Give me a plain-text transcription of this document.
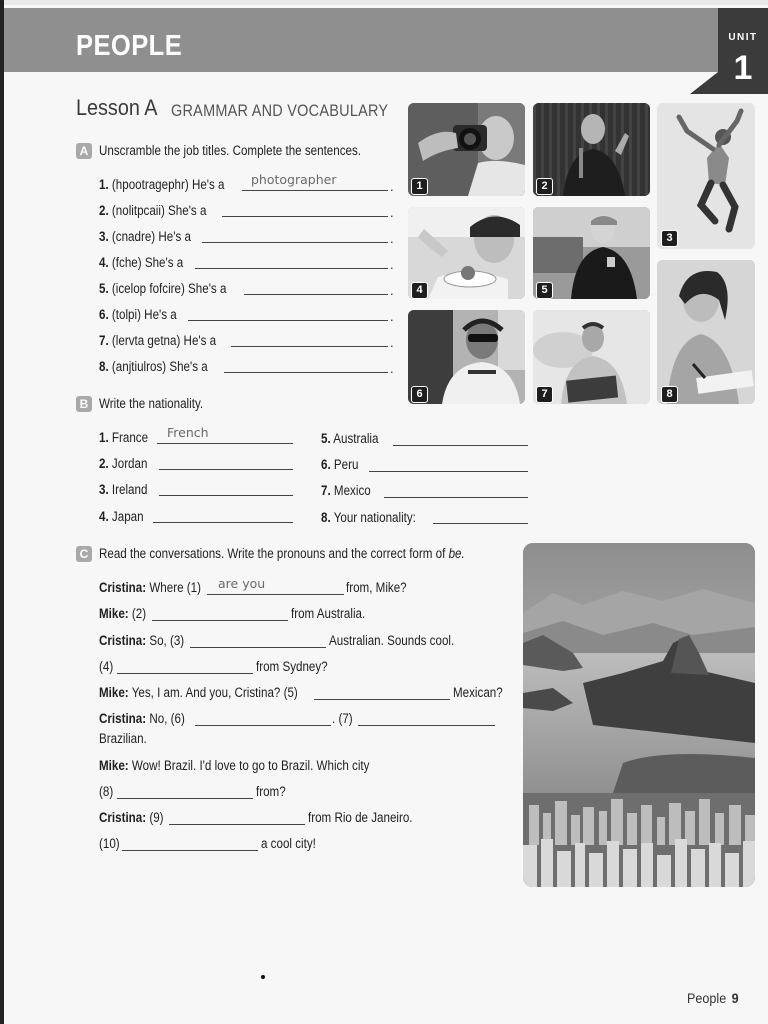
PEOPLE	UNIT
1
Lesson A GRAMMAR AND VOCABULARY
A Unscramble the job titles. Complete the sentences.
1. (hpootragephr) He's a photographer	.
2. (nolitpcaii) She's a	.
3. (cnadre) He's a	.
4. (fche) She's a	.
5. (icelop fofcire) She's a	.
6. (tolpi) He's a	.
7. (lervta getna) He's a	.
8. (anjtiulros) She's a	.
1	2
3
4	5
6	7	8
B Write the nationality.
1. France French
2. Jordan
3. Ireland
4. Japan
5. Australia
6. Peru
7. Mexico
8. Your nationality:
C Read the conversations. Write the pronouns and the correct form of be.
Cristina: Where (1) are you	from, Mike?
Mike: (2)	from Australia.
Cristina: So, (3)	Australian. Sounds cool.
(4)	from Sydney?
Mike: Yes, I am. And you, Cristina? (5)	Mexican?
Cristina: No, (6)	. (7)
Brazilian.
Mike: Wow! Brazil. I'd love to go to Brazil. Which city
(8)	from?
Cristina: (9)	from Rio de Janeiro.
(10)	a cool city!
People 9
